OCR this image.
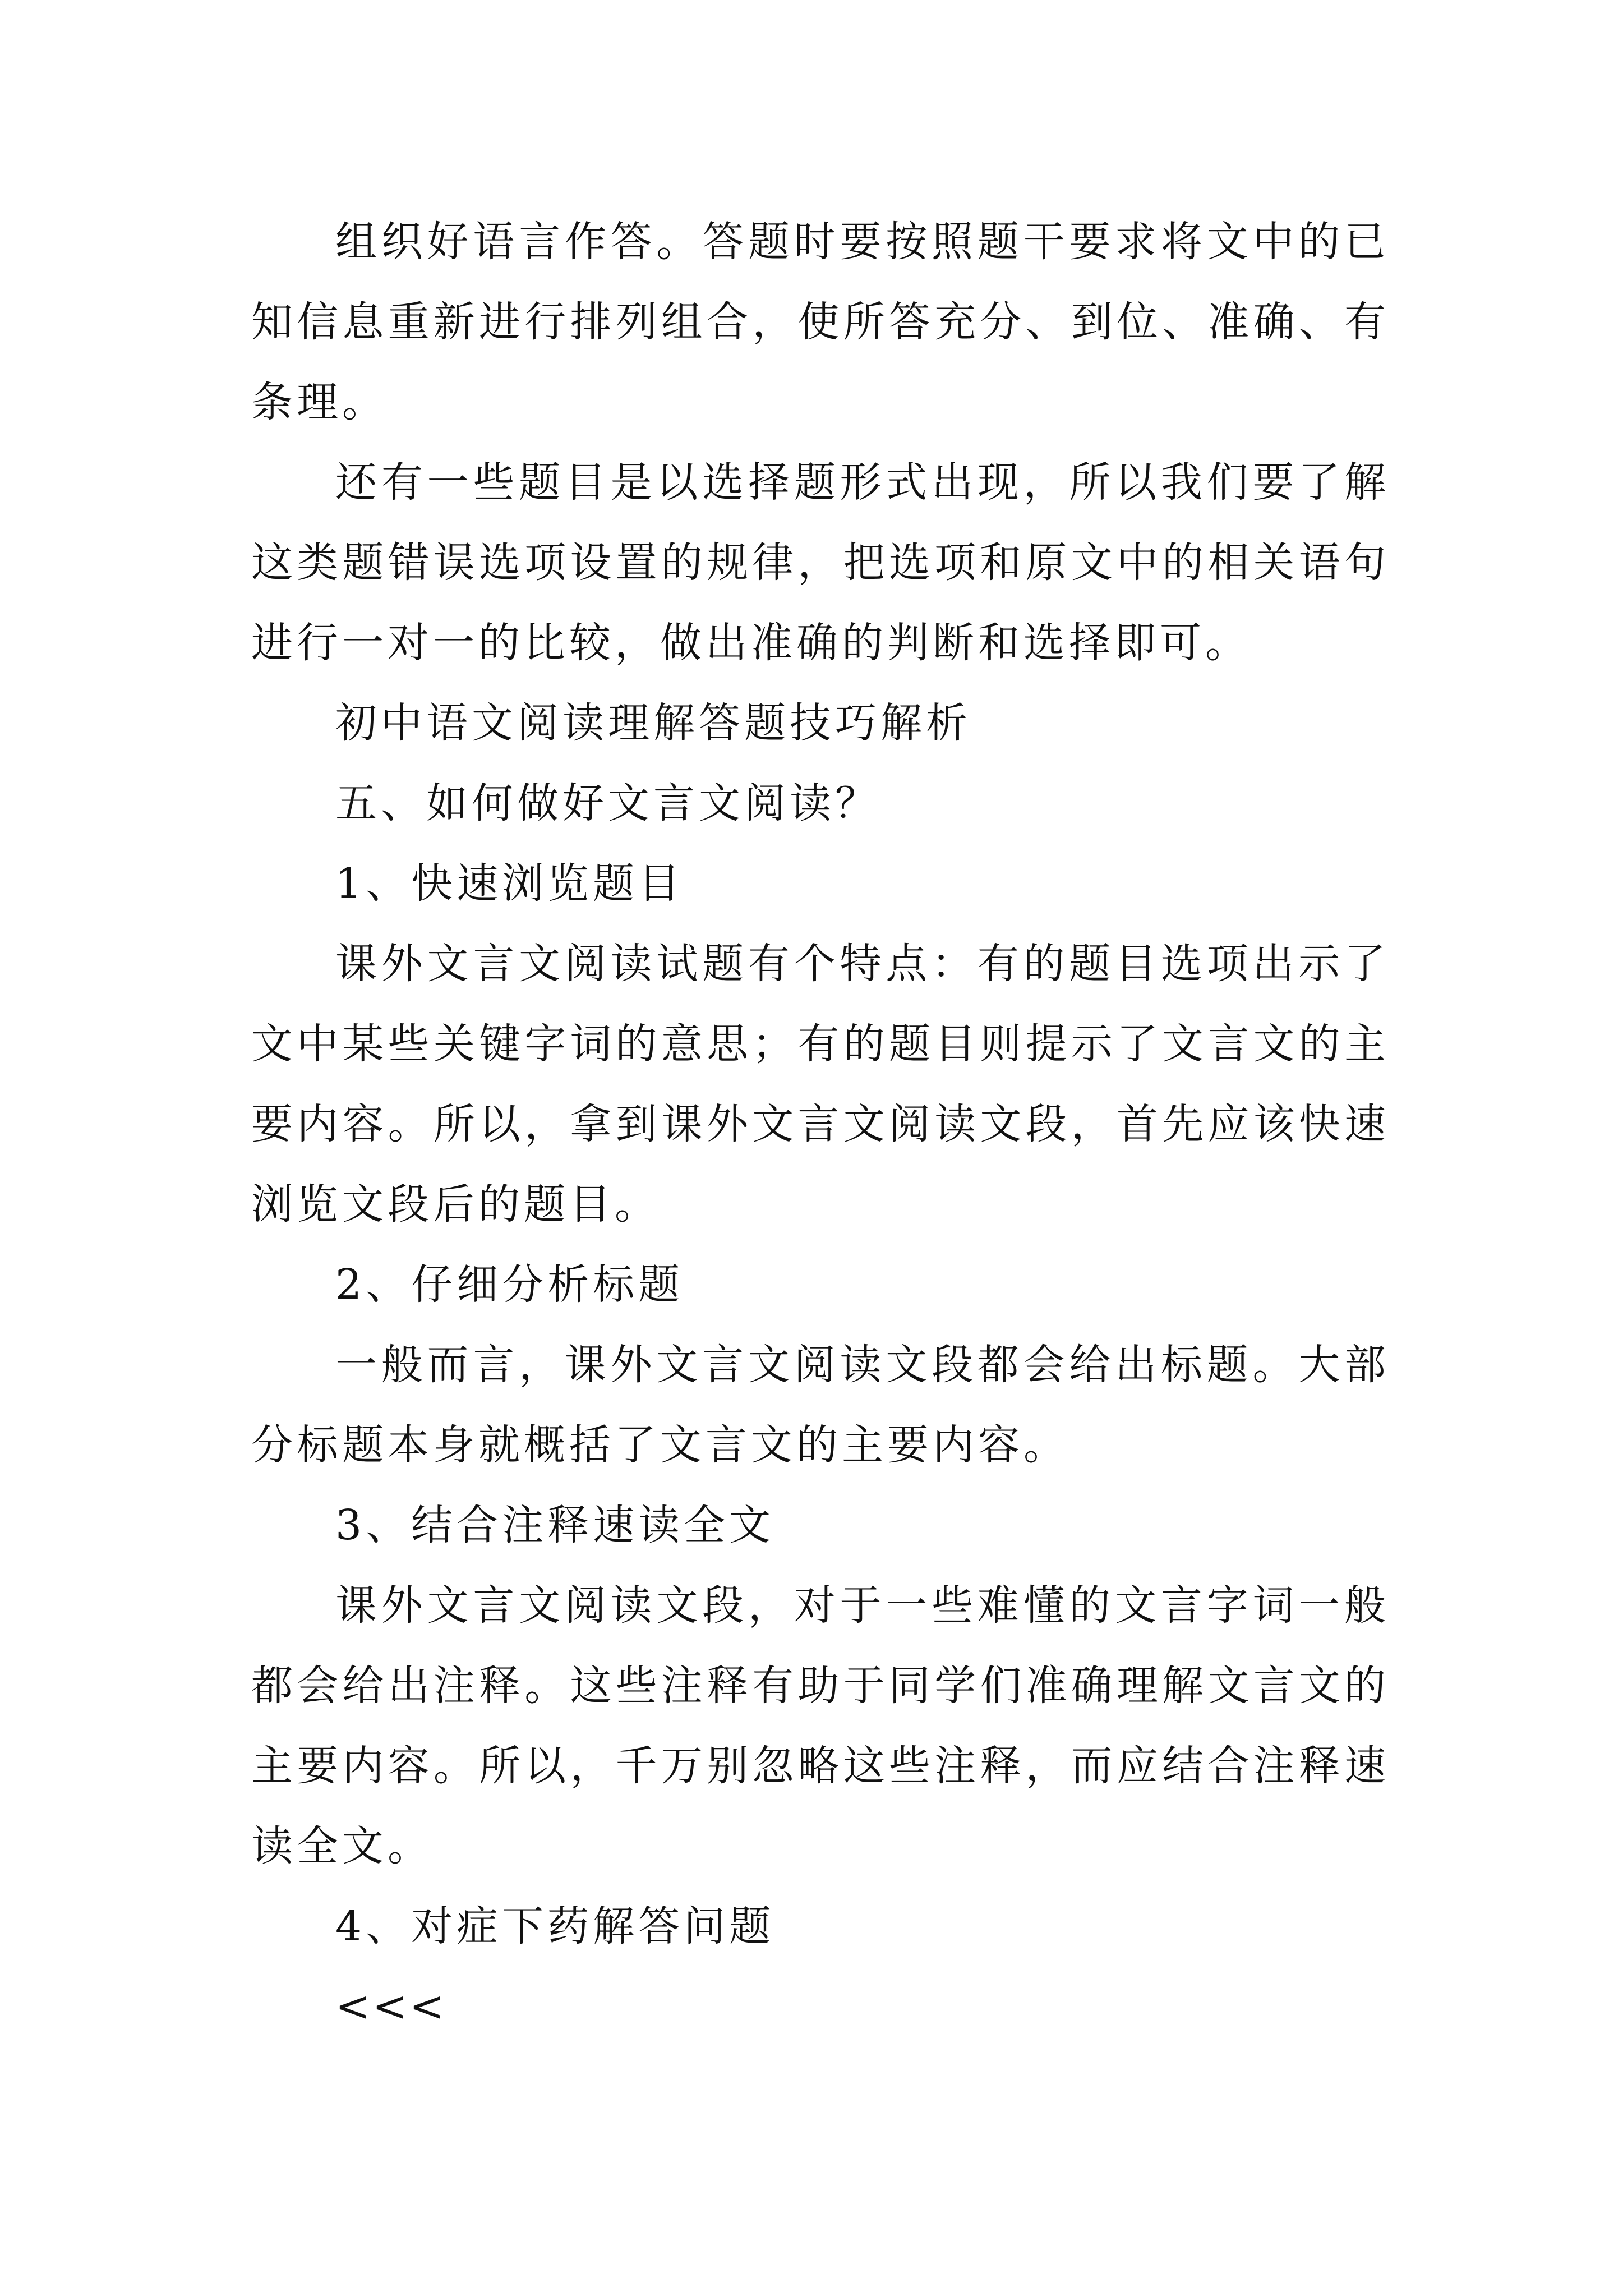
组织好语言作答。答题时要按照题干要求将文中的已知信息重新进行排列组合，使所答充分、到位、准确、有条理。

还有一些题目是以选择题形式出现，所以我们要了解这类题错误选项设置的规律，把选项和原文中的相关语句进行一对一的比较，做出准确的判断和选择即可。

初中语文阅读理解答题技巧解析

五、如何做好文言文阅读？

1、快速浏览题目

课外文言文阅读试题有个特点：有的题目选项出示了文中某些关键字词的意思；有的题目则提示了文言文的主要内容。所以，拿到课外文言文阅读文段，首先应该快速浏览文段后的题目。

2、仔细分析标题

一般而言，课外文言文阅读文段都会给出标题。大部分标题本身就概括了文言文的主要内容。

3、结合注释速读全文

课外文言文阅读文段，对于一些难懂的文言字词一般都会给出注释。这些注释有助于同学们准确理解文言文的主要内容。所以，千万别忽略这些注释，而应结合注释速读全文。

4、对症下药解答问题

<<<
